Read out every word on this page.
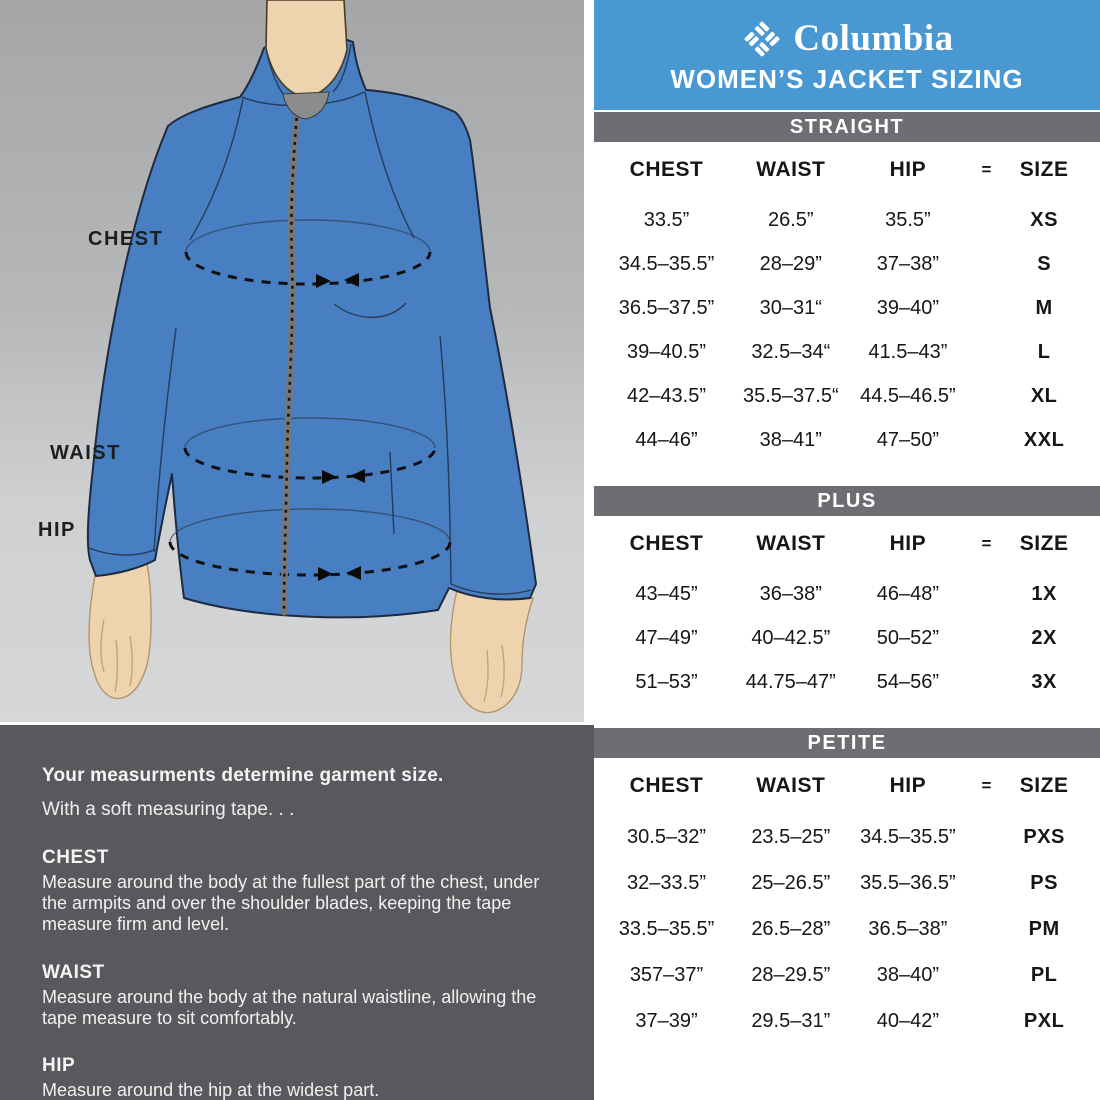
CHEST
WAIST
HIP
Your measurments determine garment size.
With a soft measuring tape. . .
CHEST
Measure around the body at the fullest part of the chest, under the armpits and over the shoulder blades, keeping the tape measure firm and level.
WAIST
Measure around the body at the natural waistline, allowing the tape measure to sit comfortably.
HIP
Measure around the hip at the widest part.
Columbia
WOMEN’S JACKET SIZING
STRAIGHT
CHEST	WAIST	HIP	=	SIZE
33.5”	26.5”	35.5”	XS
34.5–35.5”	28–29”	37–38”	S
36.5–37.5”	30–31“	39–40”	M
39–40.5”	32.5–34“	41.5–43”	L
42–43.5”	35.5–37.5“	44.5–46.5”	XL
44–46”	38–41”	47–50”	XXL
PLUS
CHEST	WAIST	HIP	=	SIZE
43–45”	36–38”	46–48”	1X
47–49”	40–42.5”	50–52”	2X
51–53”	44.75–47”	54–56”	3X
PETITE
CHEST	WAIST	HIP	=	SIZE
30.5–32”	23.5–25”	34.5–35.5”	PXS
32–33.5”	25–26.5”	35.5–36.5”	PS
33.5–35.5”	26.5–28”	36.5–38”	PM
357–37”	28–29.5”	38–40”	PL
37–39”	29.5–31”	40–42”	PXL
